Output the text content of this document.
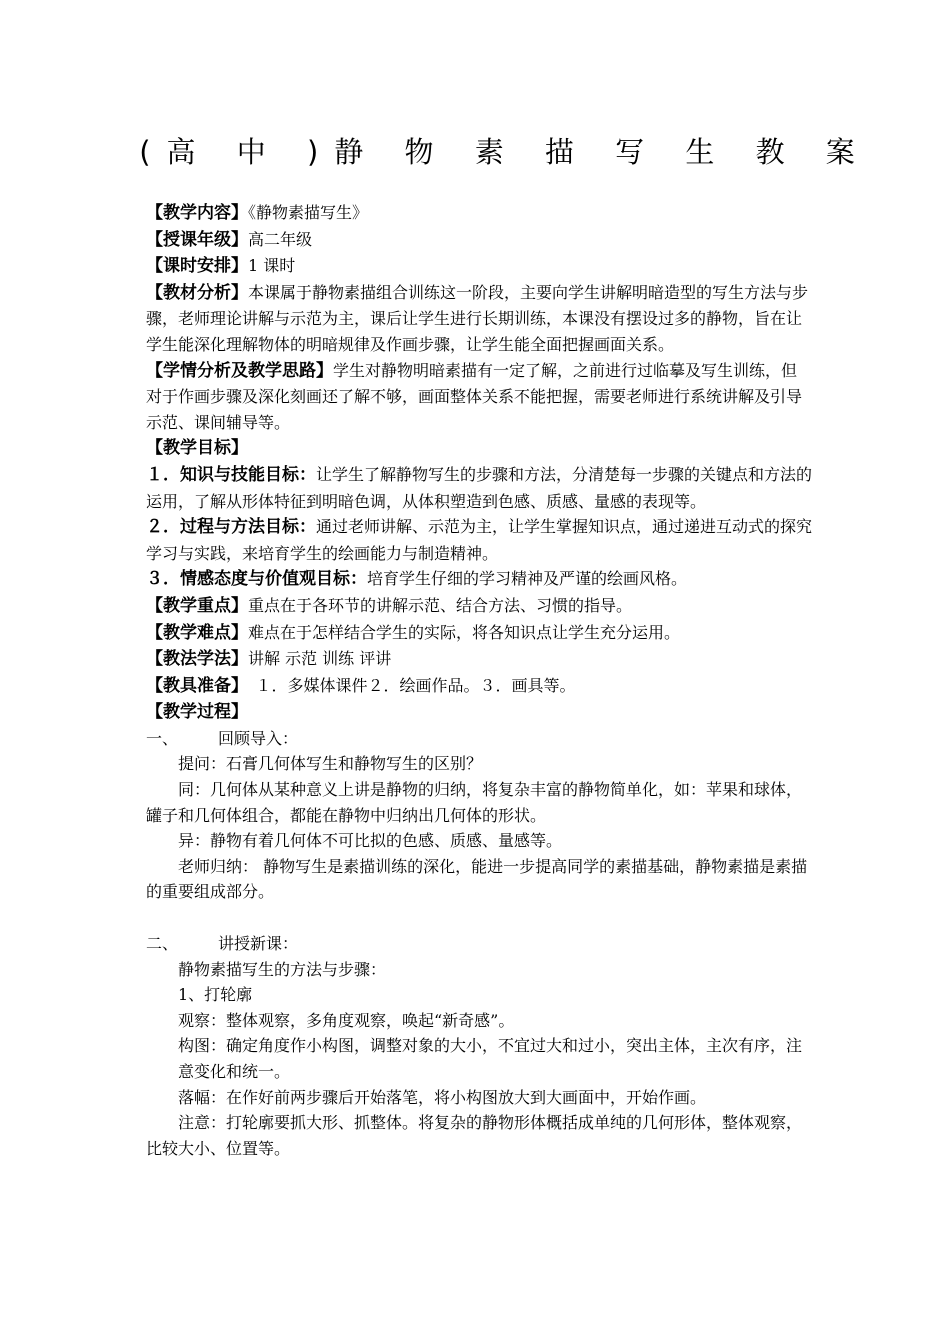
(高 中 )静 物 素 描 写 生 教 案

【教学内容】《静物素描写生》

【授课年级】高二年级

【课时安排】1 课时

【教材分析】本课属于静物素描组合训练这一阶段，主要向学生讲解明暗造型的写生方法与步骤，老师理论讲解与示范为主，课后让学生进行长期训练，本课没有摆设过多的静物，旨在让学生能深化理解物体的明暗规律及作画步骤，让学生能全面把握画面关系。

【学情分析及教学思路】学生对静物明暗素描有一定了解，之前进行过临摹及写生训练，但对于作画步骤及深化刻画还了解不够，画面整体关系不能把握，需要老师进行系统讲解及引导示范、课间辅导等。

【教学目标】

１．知识与技能目标：让学生了解静物写生的步骤和方法，分清楚每一步骤的关键点和方法的运用，了解从形体特征到明暗色调，从体积塑造到色感、质感、量感的表现等。

２．过程与方法目标：通过老师讲解、示范为主，让学生掌握知识点，通过递进互动式的探究学习与实践，来培育学生的绘画能力与制造精神。

３．情感态度与价值观目标：培育学生仔细的学习精神及严谨的绘画风格。

【教学重点】重点在于各环节的讲解示范、结合方法、习惯的指导。

【教学难点】难点在于怎样结合学生的实际，将各知识点让学生充分运用。

【教法学法】讲解 示范 训练 评讲

【教具准备】　１．多媒体课件２．绘画作品。３．画具等。

【教学过程】

一、 回顾导入：

提问：石膏几何体写生和静物写生的区别？

同：几何体从某种意义上讲是静物的归纳，将复杂丰富的静物简单化，如：苹果和球体，罐子和几何体组合，都能在静物中归纳出几何体的形状。

异：静物有着几何体不可比拟的色感、质感、量感等。

老师归纳： 静物写生是素描训练的深化，能进一步提高同学的素描基础，静物素描是素描的重要组成部分。

二、 讲授新课：

静物素描写生的方法与步骤：

1、打轮廓

观察：整体观察，多角度观察，唤起“新奇感”。

构图：确定角度作小构图，调整对象的大小，不宜过大和过小，突出主体，主次有序，注意变化和统一。

落幅：在作好前两步骤后开始落笔，将小构图放大到大画面中，开始作画。

注意：打轮廓要抓大形、抓整体。将复杂的静物形体概括成单纯的几何形体，整体观察，比较大小、位置等。
